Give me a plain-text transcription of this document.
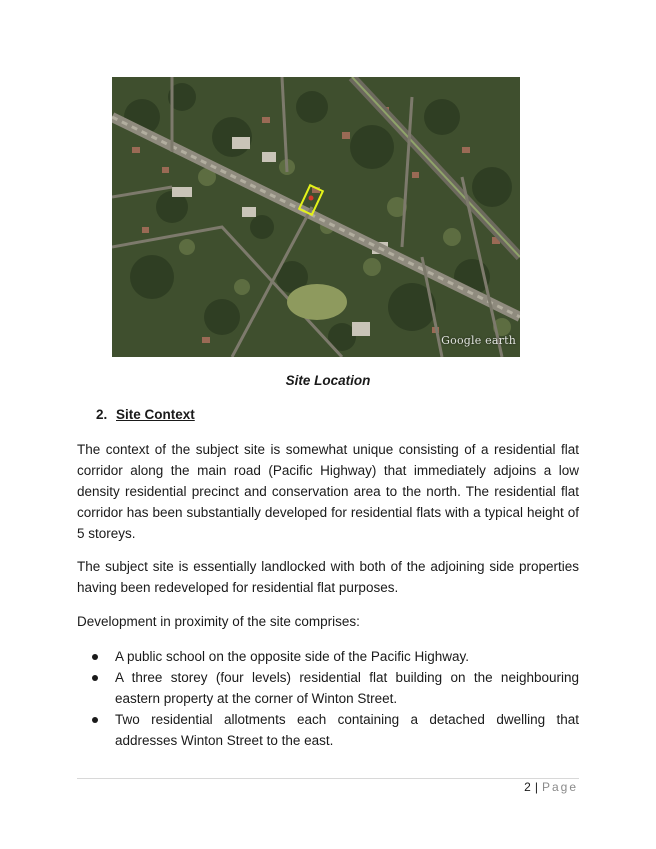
Google earth
Site Location
2. Site Context

The context of the subject site is somewhat unique consisting of a residential flat corridor along the main road (Pacific Highway) that immediately adjoins a low density residential precinct and conservation area to the north. The residential flat corridor has been substantially developed for residential flats with a typical height of 5 storeys.

The subject site is essentially landlocked with both of the adjoining side properties having been redeveloped for residential flat purposes.

Development in proximity of the site comprises:

A public school on the opposite side of the Pacific Highway.
A three storey (four levels) residential flat building on the neighbouring eastern property at the corner of Winton Street.
Two residential allotments each containing a detached dwelling that addresses Winton Street to the east.
2 | Page
